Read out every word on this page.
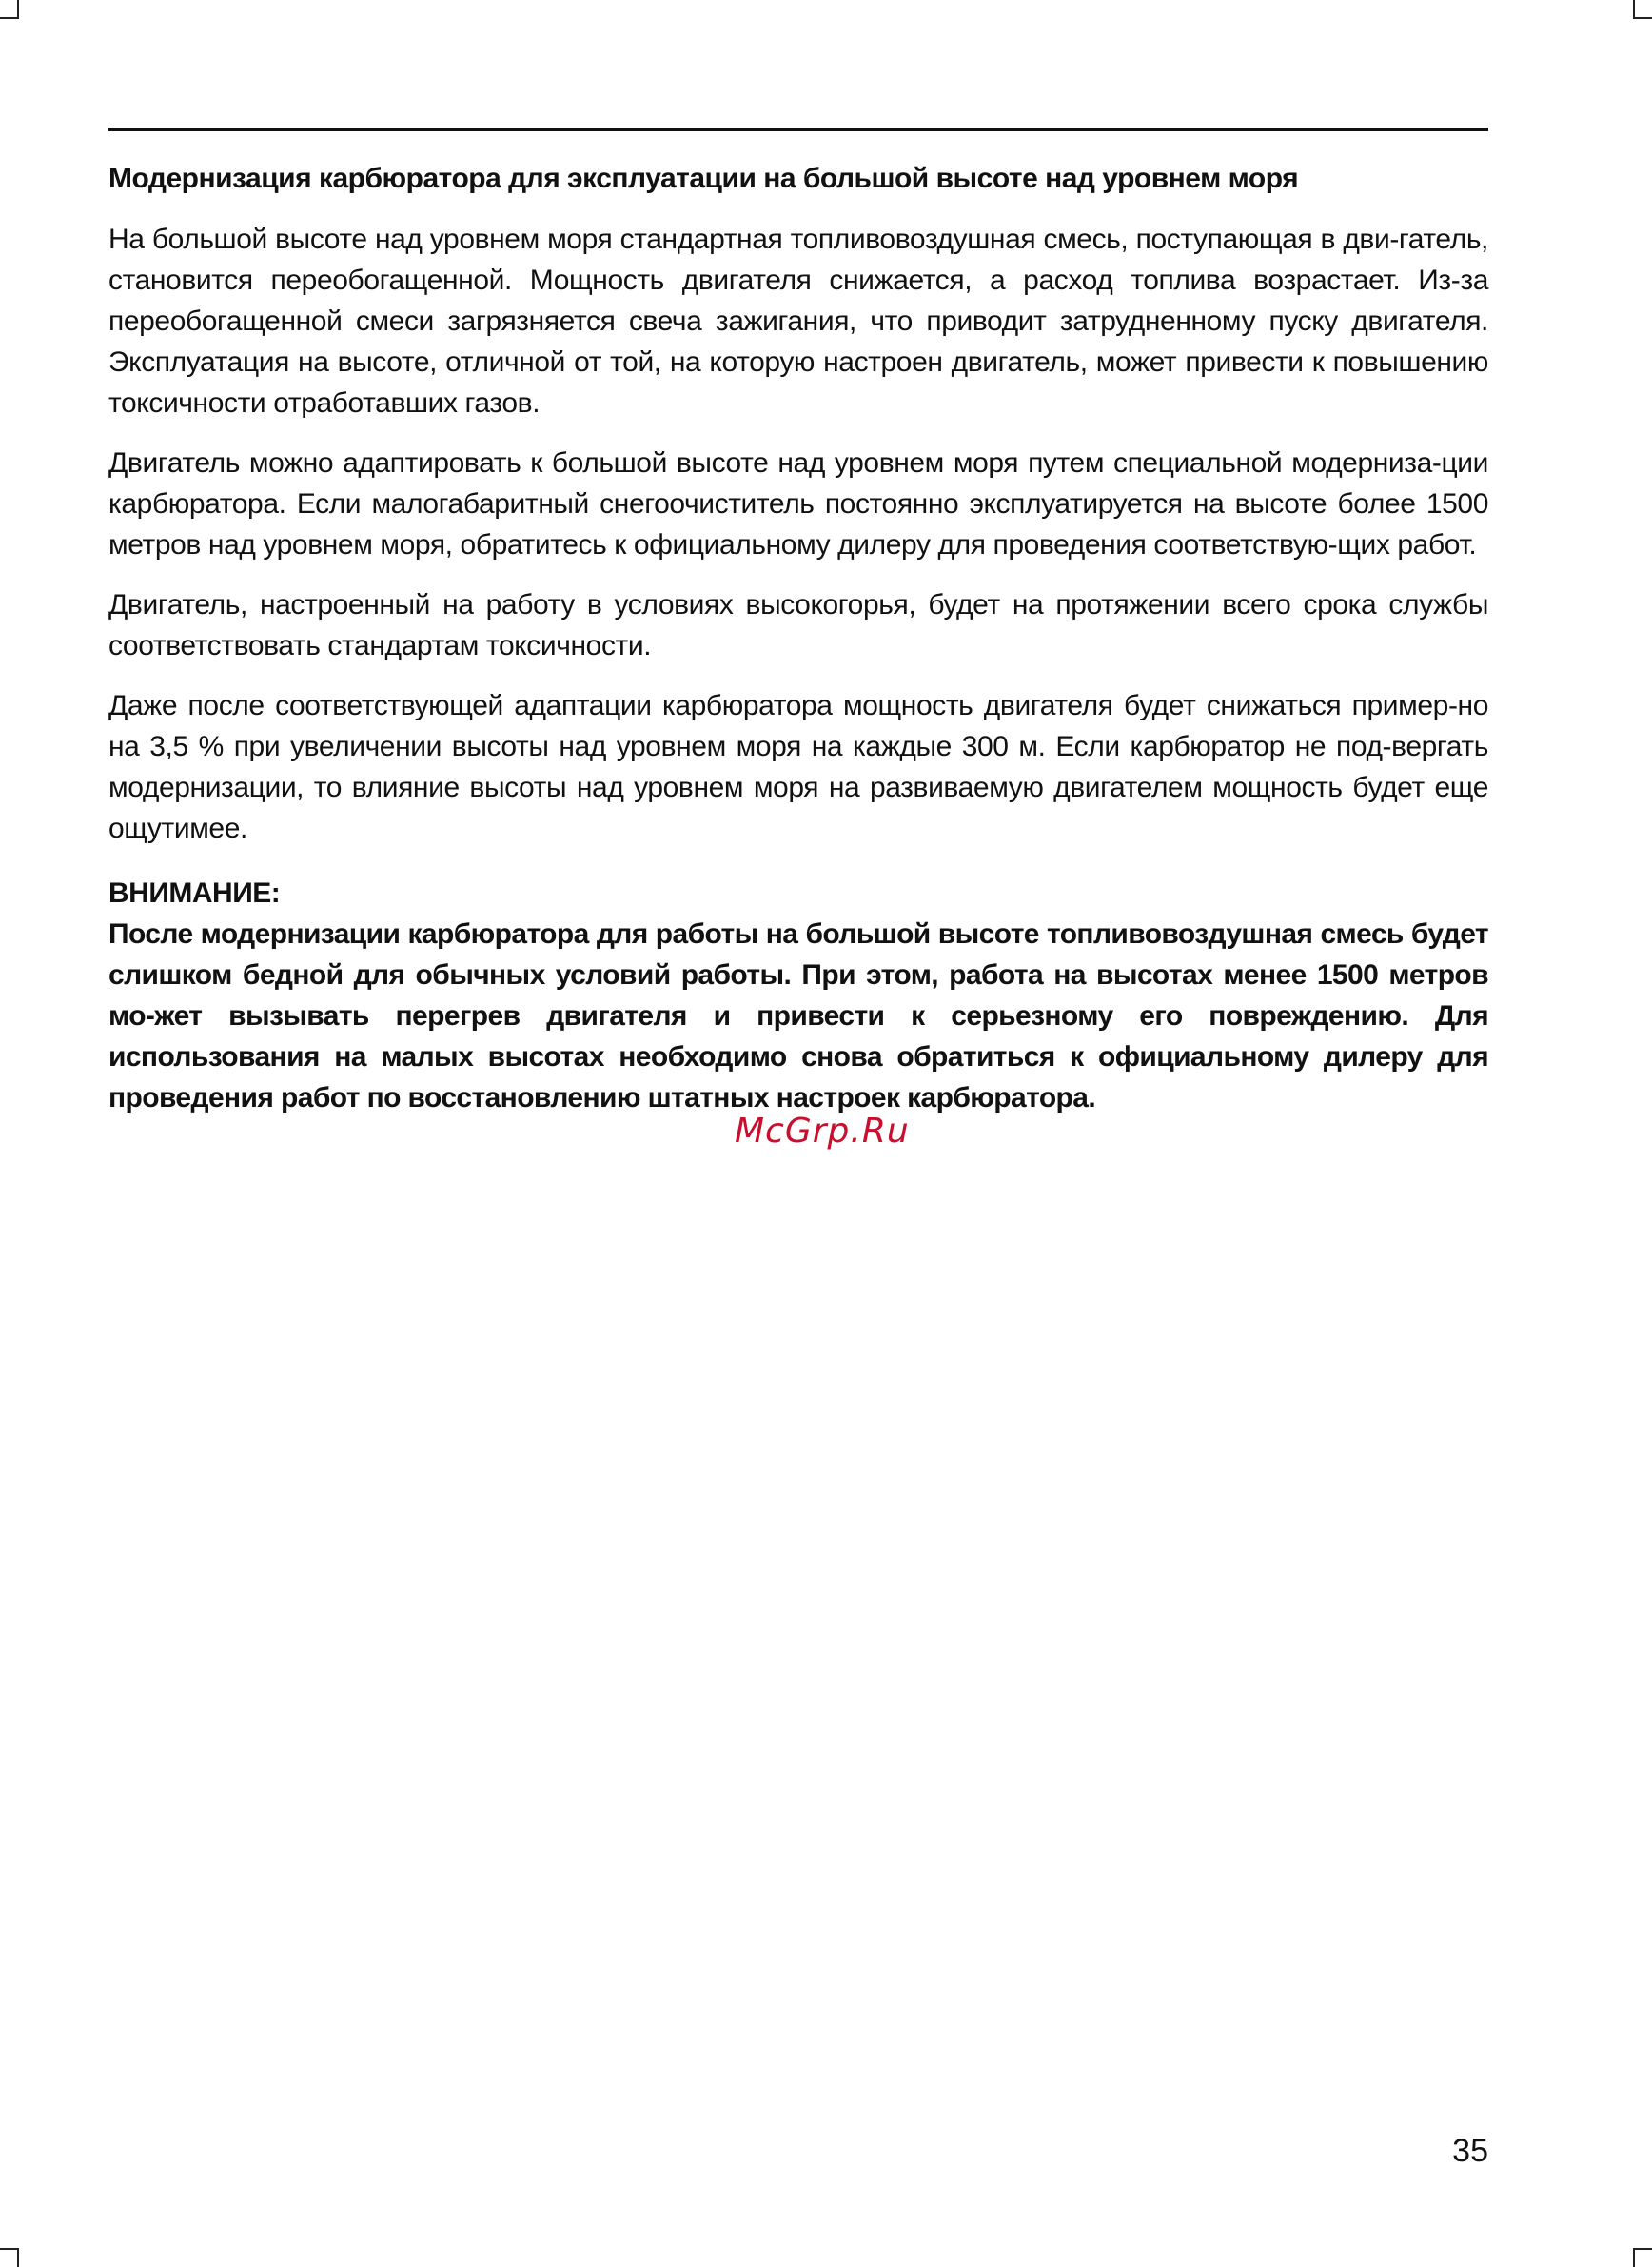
Модернизация карбюратора для эксплуатации на большой высоте над уровнем моря

На большой высоте над уровнем моря стандартная топливовоздушная смесь, поступающая в дви-гатель, становится переобогащенной. Мощность двигателя снижается, а расход топлива возрастает. Из-за переобогащенной смеси загрязняется свеча зажигания, что приводит затрудненному пуску двигателя. Эксплуатация на высоте, отличной от той, на которую настроен двигатель, может привести к повышению токсичности отработавших газов.

Двигатель можно адаптировать к большой высоте над уровнем моря путем специальной модерниза-ции карбюратора. Если малогабаритный снегоочиститель постоянно эксплуатируется на высоте более 1500 метров над уровнем моря, обратитесь к официальному дилеру для проведения соответствую-щих работ.

Двигатель, настроенный на работу в условиях высокогорья, будет на протяжении всего срока службы соответствовать стандартам токсичности.

Даже после соответствующей адаптации карбюратора мощность двигателя будет снижаться пример-но на 3,5 % при увеличении высоты над уровнем моря на каждые 300 м. Если карбюратор не под-вергать модернизации, то влияние высоты над уровнем моря на развиваемую двигателем мощность будет еще ощутимее.

ВНИМАНИЕ:

После модернизации карбюратора для работы на большой высоте топливовоздушная смесь будет слишком бедной для обычных условий работы. При этом, работа на высотах менее 1500 метров мо-жет вызывать перегрев двигателя и привести к серьезному его повреждению. Для использования на малых высотах необходимо снова обратиться к официальному дилеру для проведения работ по восстановлению штатных настроек карбюратора.

McGrp.Ru
35
